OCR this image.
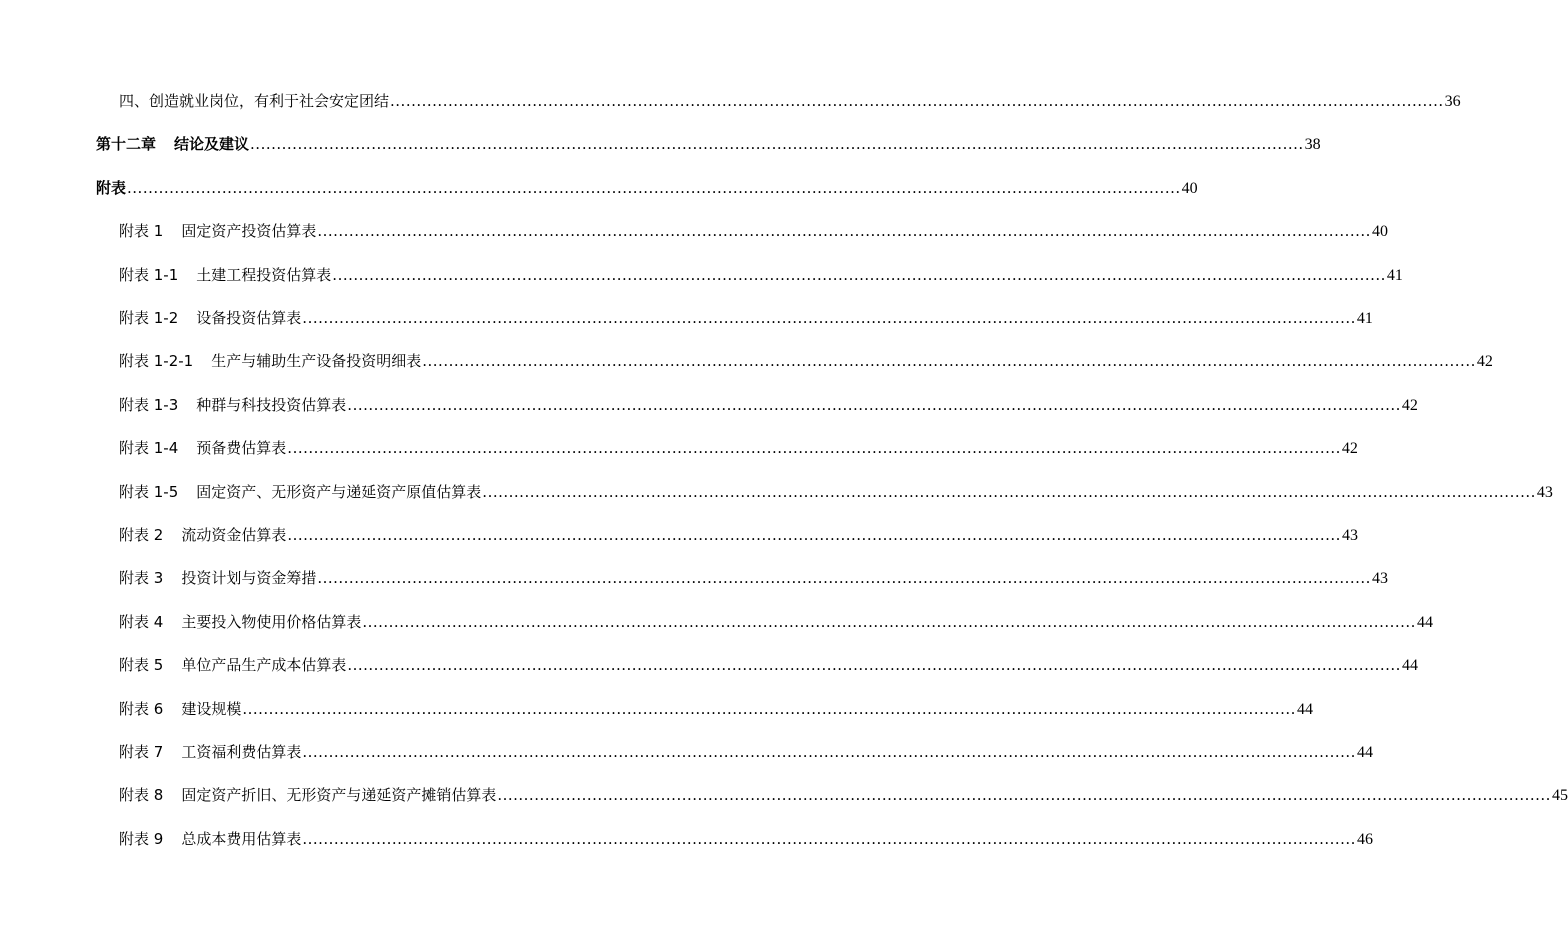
四、创造就业岗位，有利于社会安定团结 ........................................................................................................................................................................................................ 36
第十二章 结论及建议 ........................................................................................................................................................................................................ 38
附表 ........................................................................................................................................................................................................ 40
附表 1 固定资产投资估算表 ........................................................................................................................................................................................................ 40
附表 1-1 土建工程投资估算表 ........................................................................................................................................................................................................ 41
附表 1-2 设备投资估算表 ........................................................................................................................................................................................................ 41
附表 1-2-1 生产与辅助生产设备投资明细表 ........................................................................................................................................................................................................ 42
附表 1-3 种群与科技投资估算表 ........................................................................................................................................................................................................ 42
附表 1-4 预备费估算表 ........................................................................................................................................................................................................ 42
附表 1-5 固定资产、无形资产与递延资产原值估算表 ........................................................................................................................................................................................................ 43
附表 2 流动资金估算表 ........................................................................................................................................................................................................ 43
附表 3 投资计划与资金筹措 ........................................................................................................................................................................................................ 43
附表 4 主要投入物使用价格估算表 ........................................................................................................................................................................................................ 44
附表 5 单位产品生产成本估算表 ........................................................................................................................................................................................................ 44
附表 6 建设规模 ........................................................................................................................................................................................................ 44
附表 7 工资福利费估算表 ........................................................................................................................................................................................................ 44
附表 8 固定资产折旧、无形资产与递延资产摊销估算表 ........................................................................................................................................................................................................ 45
附表 9 总成本费用估算表 ........................................................................................................................................................................................................ 46
